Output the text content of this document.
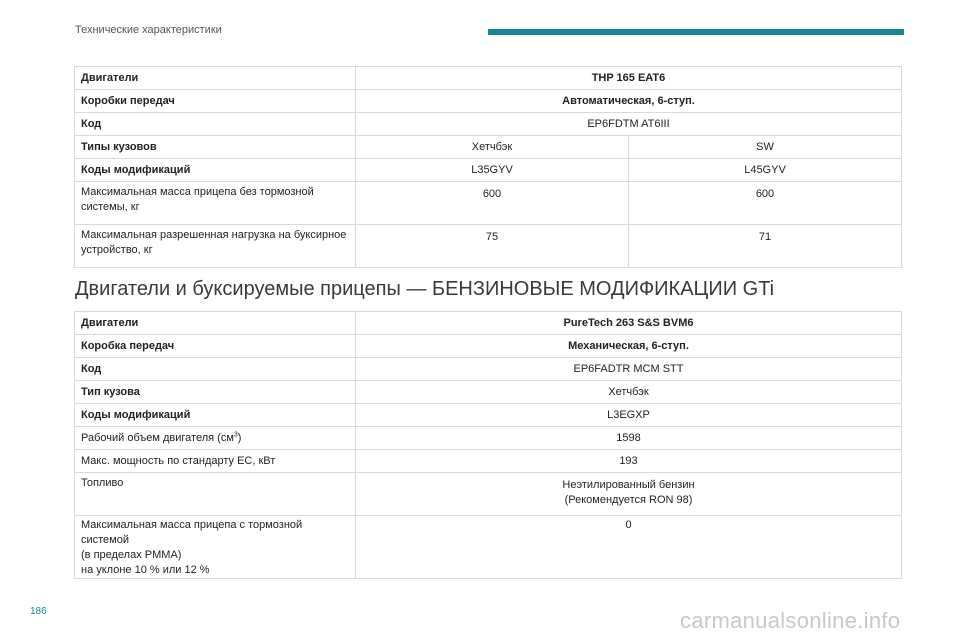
Технические характеристики
Двигатели	THP 165 EAT6	
Коробки передач	Автоматическая, 6-ступ.	
Код	EP6FDTM AT6III	
Типы кузовов	Хетчбэк	SW
Коды модификаций	L35GYV	L45GYV
Максимальная масса прицепа без тормозной системы, кг	600	600
Максимальная разрешенная нагрузка на буксирное устройство, кг	75	71
Двигатели и буксируемые прицепы — БЕНЗИНОВЫЕ МОДИФИКАЦИИ GTi
Двигатели	PureTech 263 S&S BVM6
Коробка передач	Механическая, 6-ступ.
Код	EP6FADTR MCM STT
Тип кузова	Хетчбэк
Коды модификаций	L3EGXP
Рабочий объем двигателя $(см^3)$	1598
Макс. мощность по стандарту ЕС, кВт	193
Топливо	Неэтилированный бензин
(Рекомендуется RON 98)

Максимальная масса прицепа с тормозной системой
(в пределах PMMA)
на уклоне 10 % или 12 %	0
186	carmanualsonline.info
